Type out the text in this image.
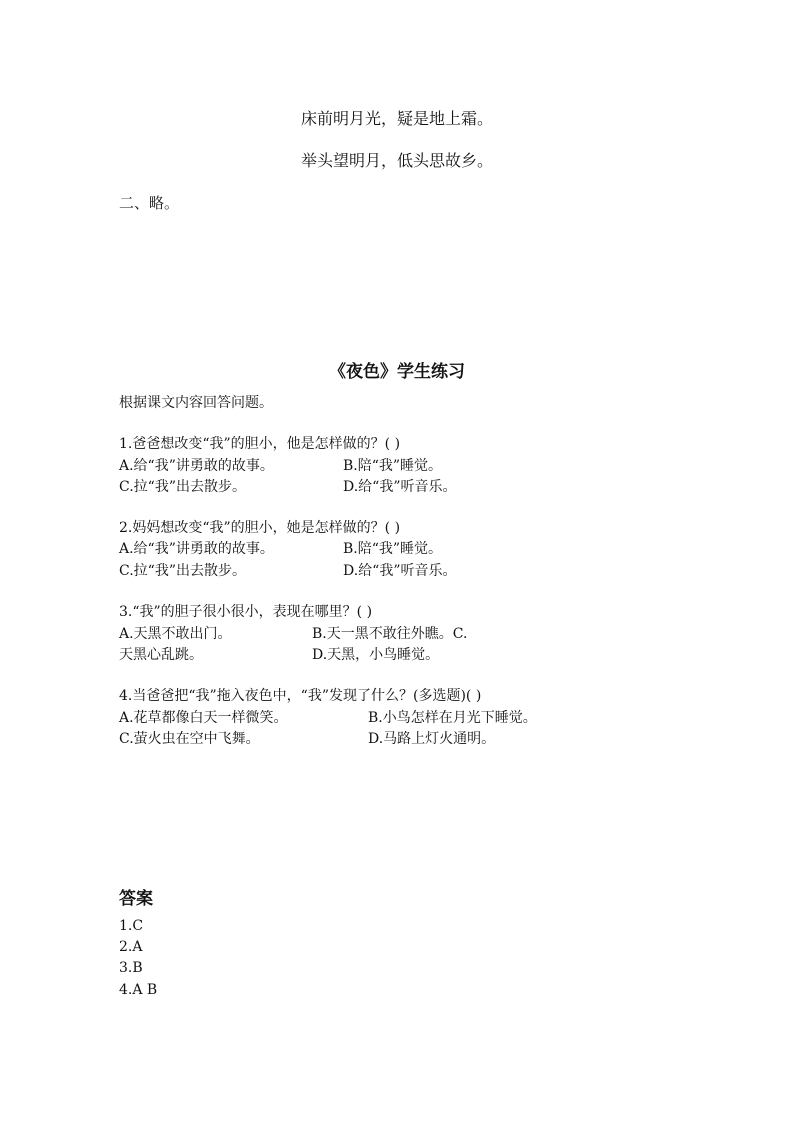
床前明月光，疑是地上霜。
举头望明月，低头思故乡。
二、略。
《夜色》学生练习
根据课文内容回答问题。
1.爸爸想改变“我”的胆小，他是怎样做的？( )
A.给“我”讲勇敢的故事。	B.陪“我”睡觉。
C.拉“我”出去散步。	D.给“我”听音乐。
2.妈妈想改变“我”的胆小，她是怎样做的？( )
A.给“我”讲勇敢的故事。	B.陪“我”睡觉。
C.拉“我”出去散步。	D.给“我”听音乐。
3.“我”的胆子很小很小，表现在哪里？( )
A.天黑不敢出门。	B.天一黑不敢往外瞧。C.
天黑心乱跳。	D.天黑，小鸟睡觉。
4.当爸爸把“我”拖入夜色中，“我”发现了什么？(多选题)( )
A.花草都像白天一样微笑。	B.小鸟怎样在月光下睡觉。
C.萤火虫在空中飞舞。	D.马路上灯火通明。
答案
1.C
2.A
3.B
4.A B
